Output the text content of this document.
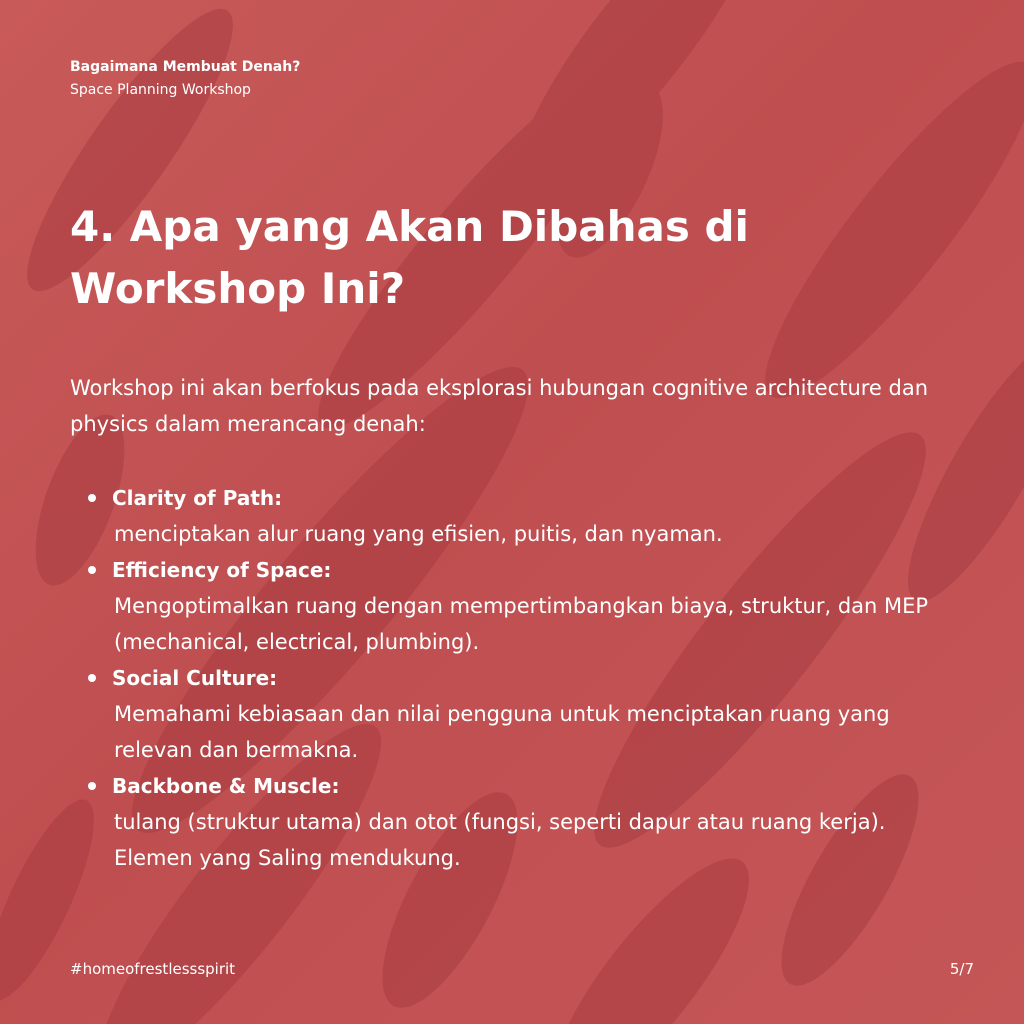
Bagaimana Membuat Denah?
Space Planning Workshop
4. Apa yang Akan Dibahas di Workshop Ini?

Workshop ini akan berfokus pada eksplorasi hubungan cognitive architecture dan physics dalam merancang denah:

Clarity of Path:
menciptakan alur ruang yang efisien, puitis, dan nyaman.
Efficiency of Space:
Mengoptimalkan ruang dengan mempertimbangkan biaya, struktur, dan MEP (mechanical, electrical, plumbing).
Social Culture:
Memahami kebiasaan dan nilai pengguna untuk menciptakan ruang yang relevan dan bermakna.
Backbone & Muscle:
tulang (struktur utama) dan otot (fungsi, seperti dapur atau ruang kerja). Elemen yang Saling mendukung.
#homeofrestlessspirit	5/7
